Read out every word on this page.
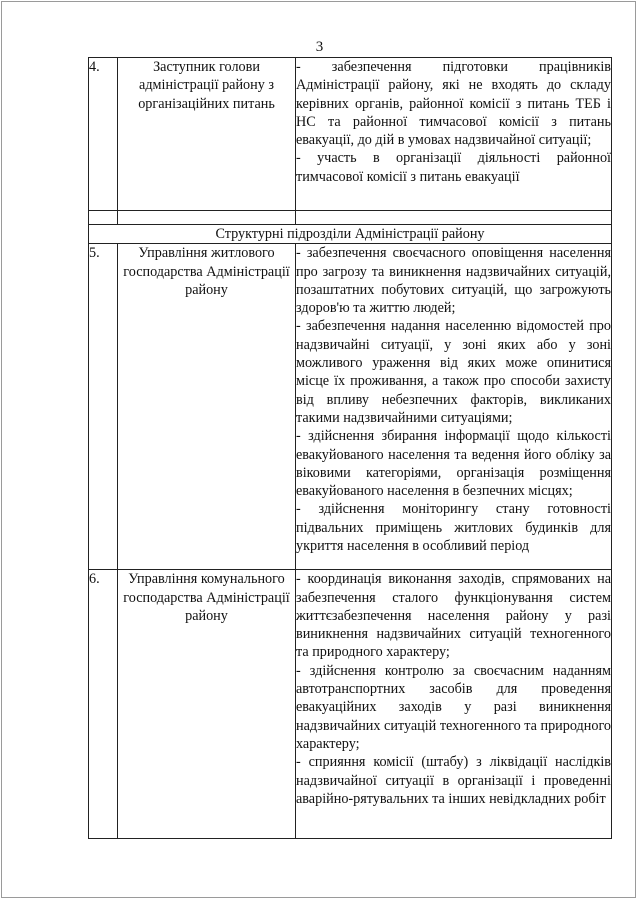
3
4.	Заступник голови адміністрації району з організаційних питань	- забезпечення підготовки працівників Адміністрації району, які не входять до складу керівних органів, районної комісії з питань ТЕБ і НС та районної тимчасової комісії з питань евакуації, до дій в умовах надзвичайної ситуації;

- участь в організації діяльності районної тимчасової комісії з питань евакуації

Структурні підрозділи Адміністрації району		
5.	Управління житлового господарства Адміністрації району	- забезпечення своєчасного оповіщення населення про загрозу та виникнення надзвичайних ситуацій, позаштатних побутових ситуацій, що загрожують здоров'ю та життю людей;

- забезпечення надання населенню відомостей про надзвичайні ситуації, у зоні яких або у зоні можливого ураження від яких може опинитися місце їх проживання, а також про способи захисту від впливу небезпечних факторів, викликаних такими надзвичайними ситуаціями;

- здійснення збирання інформації щодо кількості евакуйованого населення та ведення його обліку за віковими категоріями, організація розміщення евакуйованого населення в безпечних місцях;

- здійснення моніторингу стану готовності підвальних приміщень житлових будинків для укриття населення в особливий період

6.	Управління комунального господарства Адміністрації району	- координація виконання заходів, спрямованих на забезпечення сталого функціонування систем життєзабезпечення населення району у разі виникнення надзвичайних ситуацій техногенного та природного характеру;

- здійснення контролю за своєчасним наданням автотранспортних засобів для проведення евакуаційних заходів у разі виникнення надзвичайних ситуацій техногенного та природного характеру;

- сприяння комісії (штабу) з ліквідації наслідків надзвичайної ситуації в організації і проведенні аварійно-рятувальних та інших невідкладних робіт
